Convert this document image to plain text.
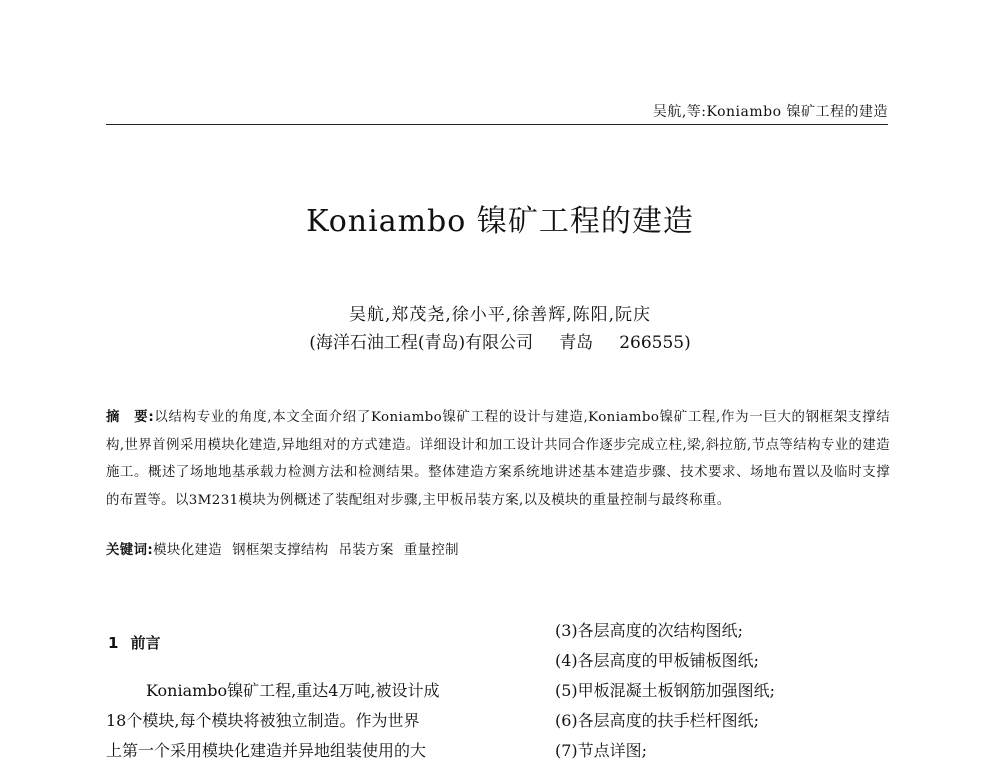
吴航,等:Koniambo 镍矿工程的建造
Koniambo 镍矿工程的建造
吴航,郑茂尧,徐小平,徐善辉,陈阳,阮庆
(海洋石油工程(青岛)有限公司 青岛 266555)
摘　要:以结构专业的角度,本文全面介绍了Koniambo镍矿工程的设计与建造,Koniambo镍矿工程,作为一巨大的钢框架支撑结构,世界首例采用模块化建造,异地组对的方式建造。详细设计和加工设计共同合作逐步完成立柱,梁,斜拉筋,节点等结构专业的建造施工。概述了场地地基承载力检测方法和检测结果。整体建造方案系统地讲述基本建造步骤、技术要求、场地布置以及临时支撑的布置等。以3M231模块为例概述了装配组对步骤,主甲板吊装方案,以及模块的重量控制与最终称重。
关键词:模块化建造 钢框架支撑结构 吊装方案 重量控制
1 前言
Koniambo镍矿工程,重达4万吨,被设计成
18个模块,每个模块将被独立制造。作为世界
上第一个采用模块化建造并异地组装使用的大
(3)各层高度的次结构图纸;
(4)各层高度的甲板铺板图纸;
(5)甲板混凝土板钢筋加强图纸;
(6)各层高度的扶手栏杆图纸;
(7)节点详图;
